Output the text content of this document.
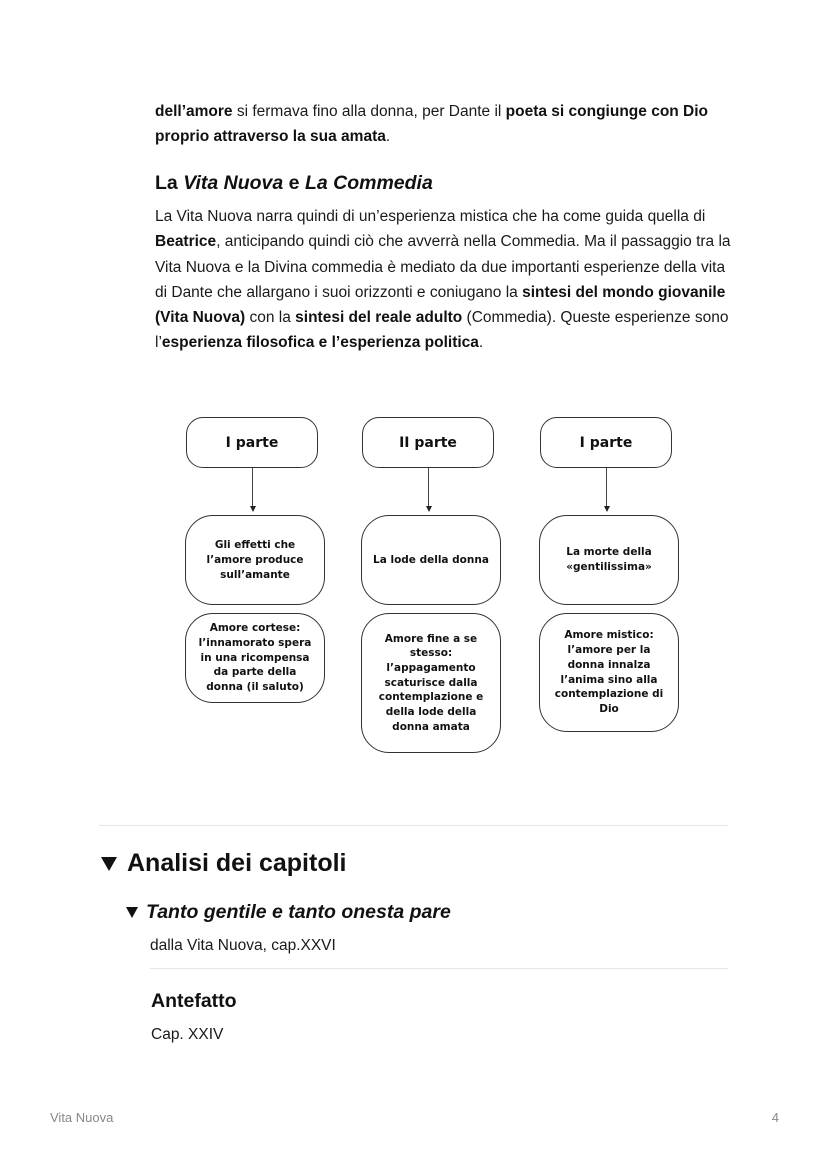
dell’amore si fermava fino alla donna, per Dante il poeta si congiunge con Dio proprio attraverso la sua amata.

La Vita Nuova e La Commedia

La Vita Nuova narra quindi di un’esperienza mistica che ha come guida quella di Beatrice, anticipando quindi ciò che avverrà nella Commedia. Ma il passaggio tra la Vita Nuova e la Divina commedia è mediato da due importanti esperienze della vita di Dante che allargano i suoi orizzonti e coniugano la sintesi del mondo giovanile (Vita Nuova) con la sintesi del reale adulto (Commedia). Queste esperienze sono l’esperienza filosofica e l’esperienza politica.

I parte
Gli effetti che l’amore produce sull’amante
Amore cortese: l’innamorato spera in una ricompensa da parte della donna (il saluto)
II parte
La lode della donna
Amore fine a se stesso: l’appagamento scaturisce dalla contemplazione e della lode della donna amata
I parte
La morte della «gentilissima»
Amore mistico: l’amore per la donna innalza l’anima sino alla contemplazione di Dio
Analisi dei capitoli
Tanto gentile e tanto onesta pare
dalla Vita Nuova, cap.XXVI
Antefatto
Cap. XXIV
Vita Nuova	4
